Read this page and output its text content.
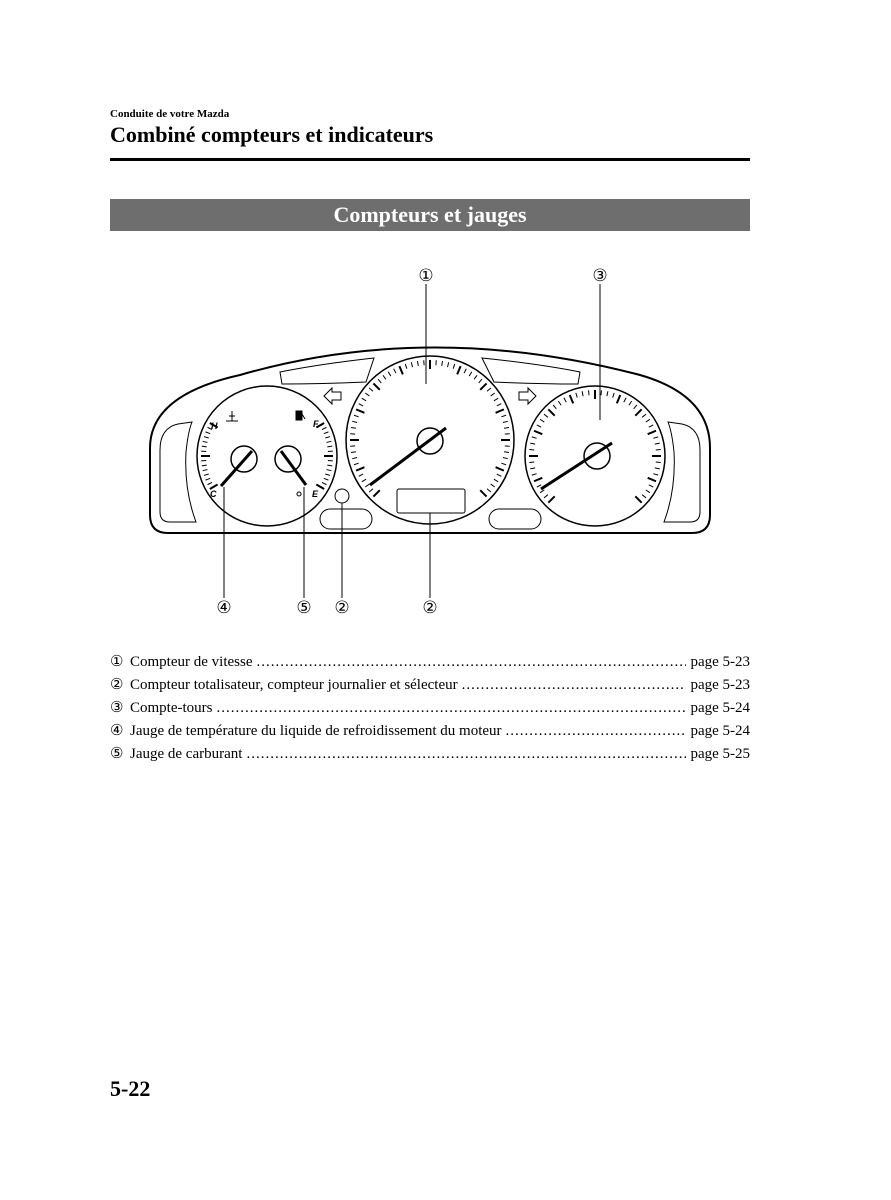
Conduite de votre Mazda
Combiné compteurs et indicateurs
Compteurs et jauges
H
C
F
E
①	③
④	⑤ ②	②
① Compteur de vitesse .....	page 5-23
② Compteur totalisateur, compteur journalier et sélecteur .....	page 5-23
③ Compte-tours .....	page 5-24
④ Jauge de température du liquide de refroidissement du moteur .....	page 5-24
⑤ Jauge de carburant .....	page 5-25
5-22
